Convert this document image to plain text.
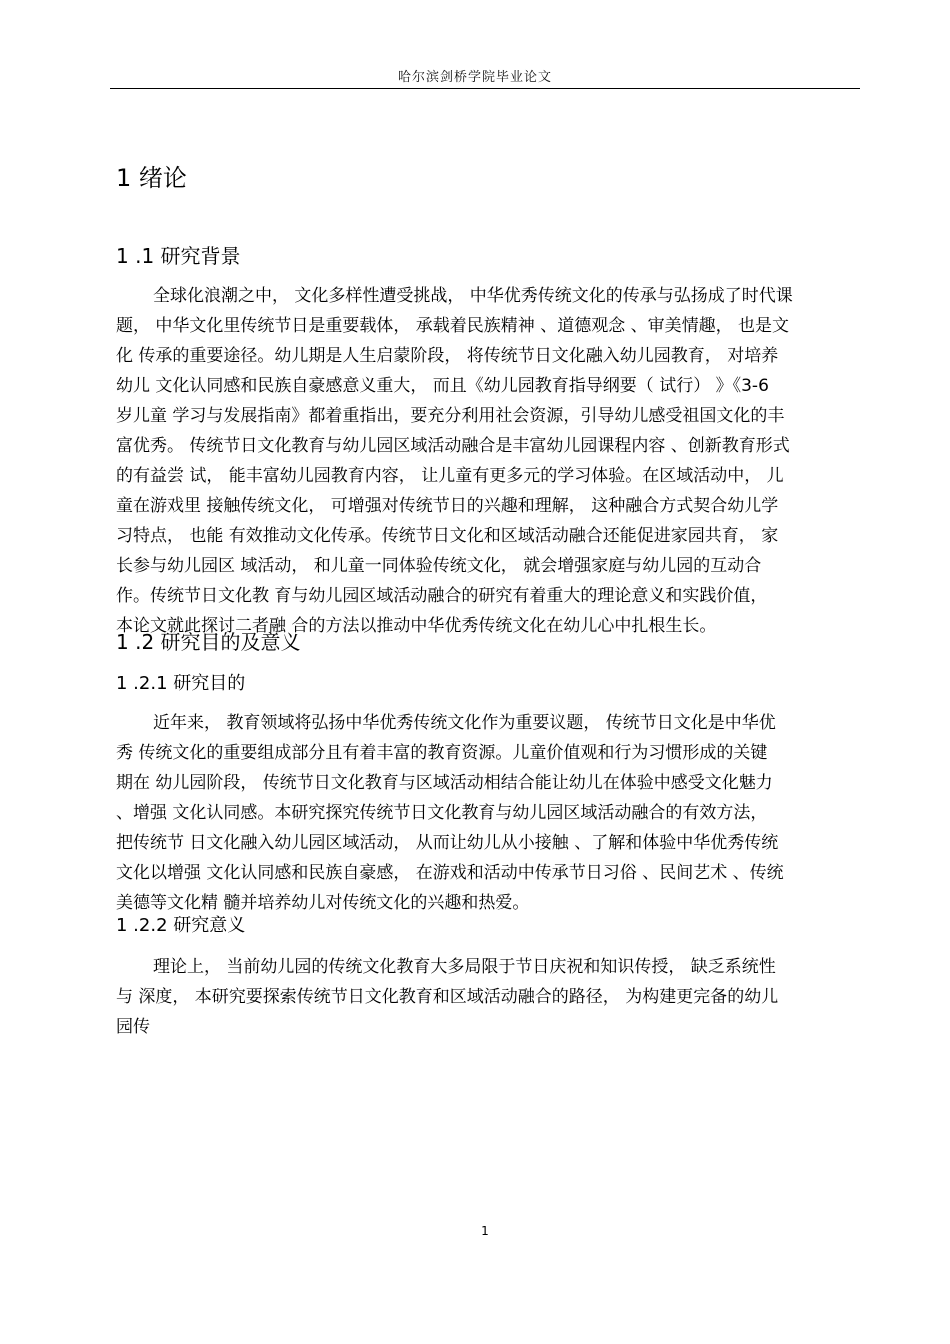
哈尔滨剑桥学院毕业论文
1 绪论
1 .1 研究背景
全球化浪潮之中， 文化多样性遭受挑战， 中华优秀传统文化的传承与弘扬成了时代课
题， 中华文化里传统节日是重要载体， 承载着民族精神 、道德观念 、审美情趣， 也是文
化 传承的重要途径。幼儿期是人生启蒙阶段， 将传统节日文化融入幼儿园教育， 对培养
幼儿 文化认同感和民族自豪感意义重大， 而且《幼儿园教育指导纲要（ 试行） 》《3-6
岁儿童 学习与发展指南》都着重指出，要充分利用社会资源，引导幼儿感受祖国文化的丰
富优秀。 传统节日文化教育与幼儿园区域活动融合是丰富幼儿园课程内容 、创新教育形式
的有益尝 试， 能丰富幼儿园教育内容， 让儿童有更多元的学习体验。在区域活动中， 儿
童在游戏里 接触传统文化， 可增强对传统节日的兴趣和理解， 这种融合方式契合幼儿学
习特点， 也能 有效推动文化传承。传统节日文化和区域活动融合还能促进家园共育， 家
长参与幼儿园区 域活动， 和儿童一同体验传统文化， 就会增强家庭与幼儿园的互动合
作。传统节日文化教 育与幼儿园区域活动融合的研究有着重大的理论意义和实践价值，
本论文就此探讨二者融 合的方法以推动中华优秀传统文化在幼儿心中扎根生长。
1 .2 研究目的及意义
1 .2.1 研究目的
近年来， 教育领域将弘扬中华优秀传统文化作为重要议题， 传统节日文化是中华优
秀 传统文化的重要组成部分且有着丰富的教育资源。儿童价值观和行为习惯形成的关键
期在 幼儿园阶段， 传统节日文化教育与区域活动相结合能让幼儿在体验中感受文化魅力
、增强 文化认同感。本研究探究传统节日文化教育与幼儿园区域活动融合的有效方法，
把传统节 日文化融入幼儿园区域活动， 从而让幼儿从小接触 、了解和体验中华优秀传统
文化以增强 文化认同感和民族自豪感， 在游戏和活动中传承节日习俗 、民间艺术 、传统
美德等文化精 髓并培养幼儿对传统文化的兴趣和热爱。
1 .2.2 研究意义
理论上， 当前幼儿园的传统文化教育大多局限于节日庆祝和知识传授， 缺乏系统性
与 深度， 本研究要探索传统节日文化教育和区域活动融合的路径， 为构建更完备的幼儿
园传
1
